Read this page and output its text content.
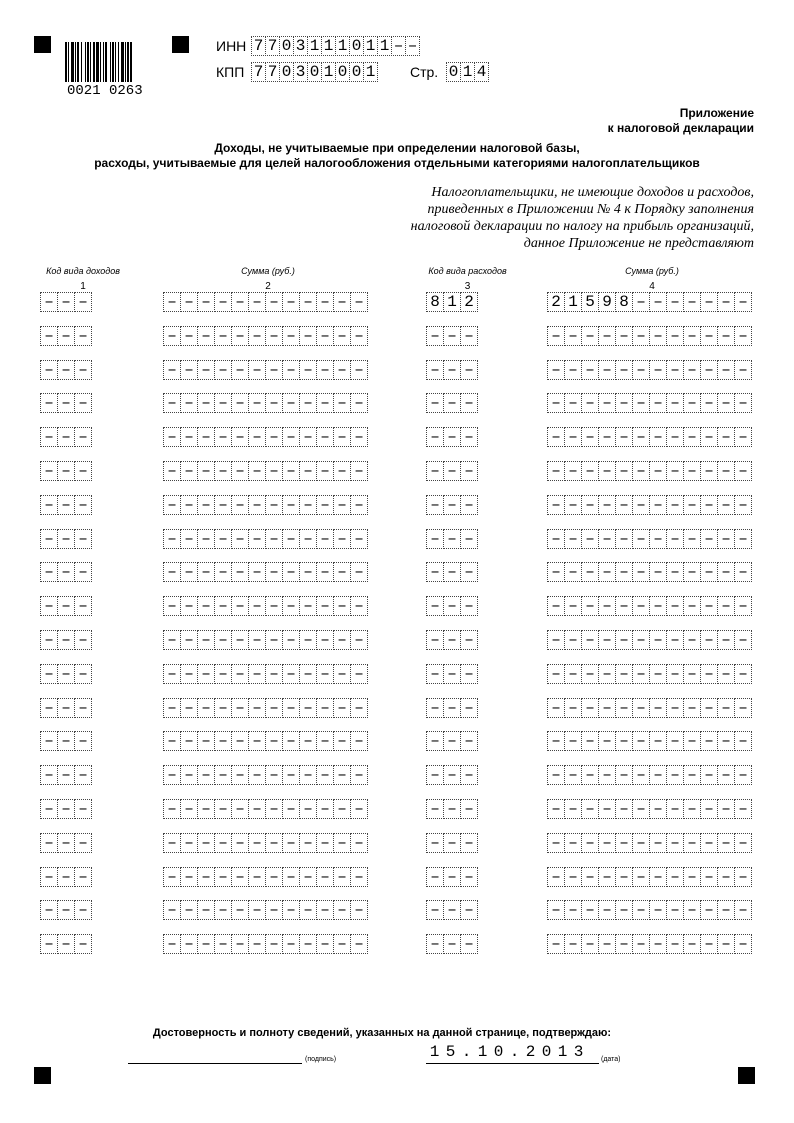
0021 0263
ИНН 7 7 0 3 1 1 1 0 1 1 – –
КПП 7 7 0 3 0 1 0 0 1 Стр. 0 1 4
Приложение
к налоговой декларации
Доходы, не учитываемые при определении налоговой базы,
расходы, учитываемые для целей налогообложения отдельными категориями налогоплательщиков
Налогоплательщики, не имеющие доходов и расходов,
приведенных в Приложении № 4 к Порядку заполнения
налоговой декларации по налогу на прибыль организаций,
данное Приложение не представляют
Код вида доходов	Сумма (руб.)	Код вида расходов	Сумма (руб.)
1	2	3	4
– – –	– – – – – – – – – – – –	8 1 2	2 1 5 9 8 – – – – – – –
– – –	– – – – – – – – – – – –	– – –	– – – – – – – – – – – –
– – –	– – – – – – – – – – – –	– – –	– – – – – – – – – – – –
– – –	– – – – – – – – – – – –	– – –	– – – – – – – – – – – –
– – –	– – – – – – – – – – – –	– – –	– – – – – – – – – – – –
– – –	– – – – – – – – – – – –	– – –	– – – – – – – – – – – –
– – –	– – – – – – – – – – – –	– – –	– – – – – – – – – – – –
– – –	– – – – – – – – – – – –	– – –	– – – – – – – – – – – –
– – –	– – – – – – – – – – – –	– – –	– – – – – – – – – – – –
– – –	– – – – – – – – – – – –	– – –	– – – – – – – – – – – –
– – –	– – – – – – – – – – – –	– – –	– – – – – – – – – – – –
– – –	– – – – – – – – – – – –	– – –	– – – – – – – – – – – –
– – –	– – – – – – – – – – – –	– – –	– – – – – – – – – – – –
– – –	– – – – – – – – – – – –	– – –	– – – – – – – – – – – –
– – –	– – – – – – – – – – – –	– – –	– – – – – – – – – – – –
– – –	– – – – – – – – – – – –	– – –	– – – – – – – – – – – –
– – –	– – – – – – – – – – – –	– – –	– – – – – – – – – – – –
– – –	– – – – – – – – – – – –	– – –	– – – – – – – – – – – –
– – –	– – – – – – – – – – – –	– – –	– – – – – – – – – – – –
– – –	– – – – – – – – – – – –	– – –	– – – – – – – – – – – –
Достоверность и полноту сведений, указанных на данной странице, подтверждаю:
(подпись)	1 5 . 1 0 . 2 0 1 3	(дата)
